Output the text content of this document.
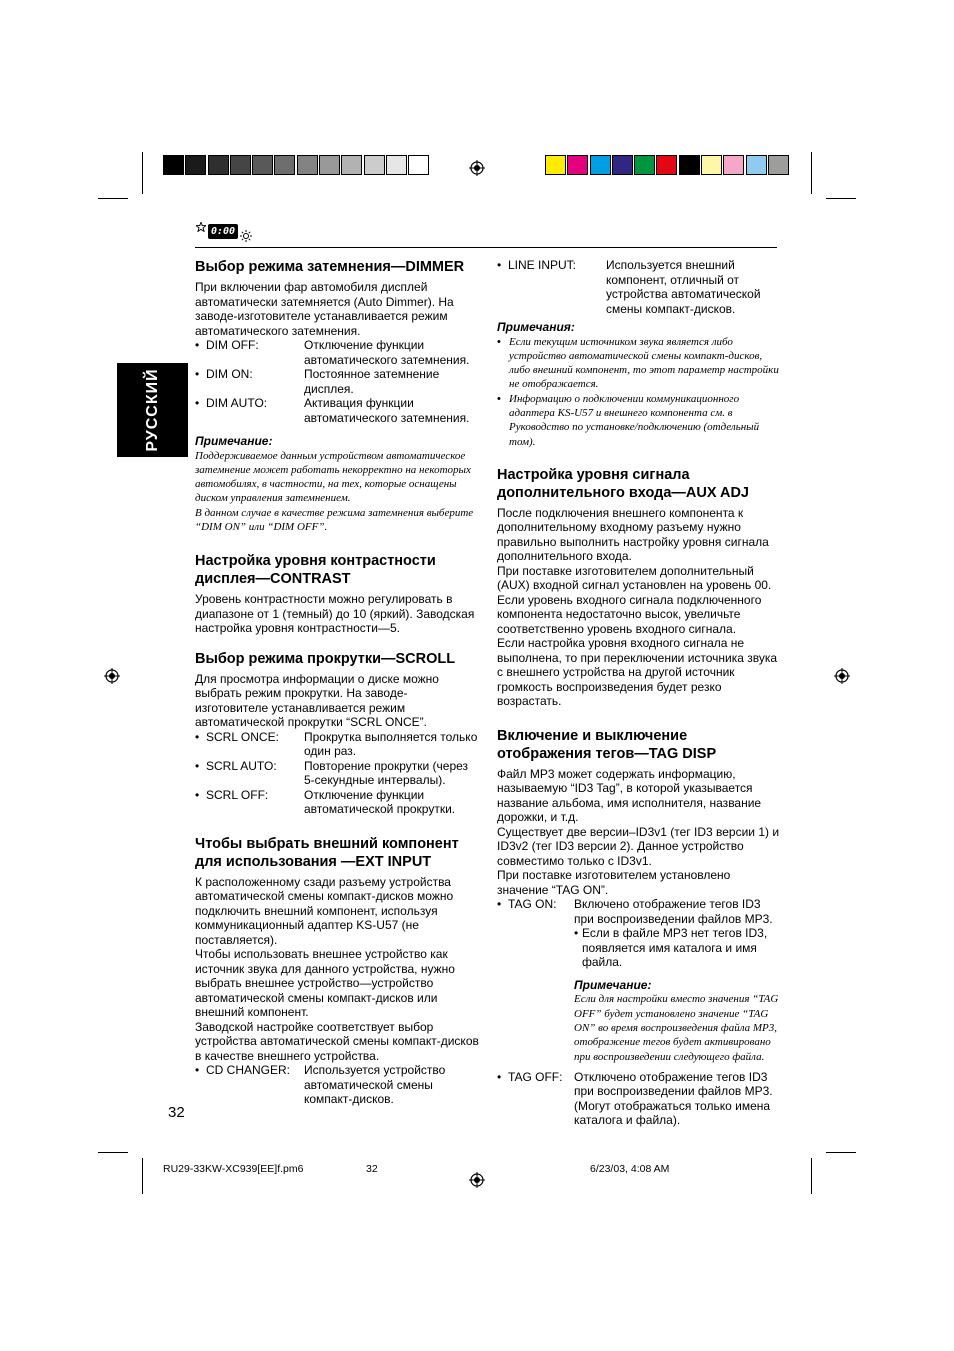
0:00
РУССКИЙ
Выбор режима затемнения—DIMMER

При включении фар автомобиля дисплей автоматически затемняется (Auto Dimmer). На заводе-изготовителе устанавливается режим автоматического затемнения.

• DIM OFF:	Отключение функции автоматического затемнения.
• DIM ON:	Постоянное затемнение дисплея.
• DIM AUTO:	Активация функции автоматического затемнения.

Примечание:

Поддерживаемое данным устройством автоматическое затемнение может работать некорректно на некоторых автомобилях, в частности, на тех, которые оснащены диском управления затемнением.

В данном случае в качестве режима затемнения выберите “DIM ON” или “DIM OFF”.

Настройка уровня контрастности дисплея—CONTRAST

Уровень контрастности можно регулировать в диапазоне от 1 (темный) до 10 (яркий). Заводская настройка уровня контрастности—5.

Выбор режима прокрутки—SCROLL

Для просмотра информации о диске можно выбрать режим прокрутки. На заводе-изготовителе устанавливается режим автоматической прокрутки “SCRL ONCE”.

• SCRL ONCE:	Прокрутка выполняется только один раз.
• SCRL AUTO:	Повторение прокрутки (через 5-секундные интервалы).
• SCRL OFF:	Отключение функции автоматической прокрутки.
Чтобы выбрать внешний компонент для использования —EXT INPUT

К расположенному сзади разъему устройства автоматической смены компакт-дисков можно подключить внешний компонент, используя коммуникационный адаптер KS-U57 (не поставляется).

Чтобы использовать внешнее устройство как источник звука для данного устройства, нужно выбрать внешнее устройство—устройство автоматической смены компакт-дисков или внешний компонент.

Заводской настройке соответствует выбор устройства автоматической смены компакт-дисков в качестве внешнего устройства.

• CD CHANGER:	Используется устройство автоматической смены компакт-дисков.
• LINE INPUT:	Используется внешний компонент, отличный от устройства автоматической смены компакт-дисков.

Примечания:

• Если текущим источником звука является либо устройство автоматической смены компакт-дисков, либо внешний компонент, то этот параметр настройки не отображается.

• Информацию о подключении коммуникационного адаптера KS-U57 и внешнего компонента см. в Руководство по установке/подключению (отдельный том).

Настройка уровня сигнала дополнительного входа—AUX ADJ

После подключения внешнего компонента к дополнительному входному разъему нужно правильно выполнить настройку уровня сигнала дополнительного входа.

При поставке изготовителем дополнительный (AUX) входной сигнал установлен на уровень 00. Если уровень входного сигнала подключенного компонента недостаточно высок, увеличьте соответственно уровень входного сигнала.

Если настройка уровня входного сигнала не выполнена, то при переключении источника звука с внешнего устройства на другой источник громкость воспроизведения будет резко возрастать.

Включение и выключение отображения тегов—TAG DISP

Файл MP3 может содержать информацию, называемую “ID3 Tag”, в которой указывается название альбома, имя исполнителя, название дорожки, и т.д.

Существует две версии–ID3v1 (тег ID3 версии 1) и ID3v2 (тег ID3 версии 2). Данное устройство совместимо только с ID3v1.

При поставке изготовителем установлено значение “TAG ON”.

• TAG ON:	Включено отображение тегов ID3 при воспроизведении файлов MP3.
• Если в файле MP3 нет тегов ID3, появляется имя каталога и имя файла.

Примечание:

Если для настройки вместо значения “TAG OFF” будет установлено значение “TAG ON” во время воспроизведения файла MP3, отображение тегов будет активировано при воспроизведении следующего файла.

• TAG OFF: Отключено отображение тегов ID3 при воспроизведении файлов MP3. (Могут отображаться только имена каталога и файла).
32
RU29-33KW-XC939[EE]f.pm6	32	6/23/03, 4:08 AM
